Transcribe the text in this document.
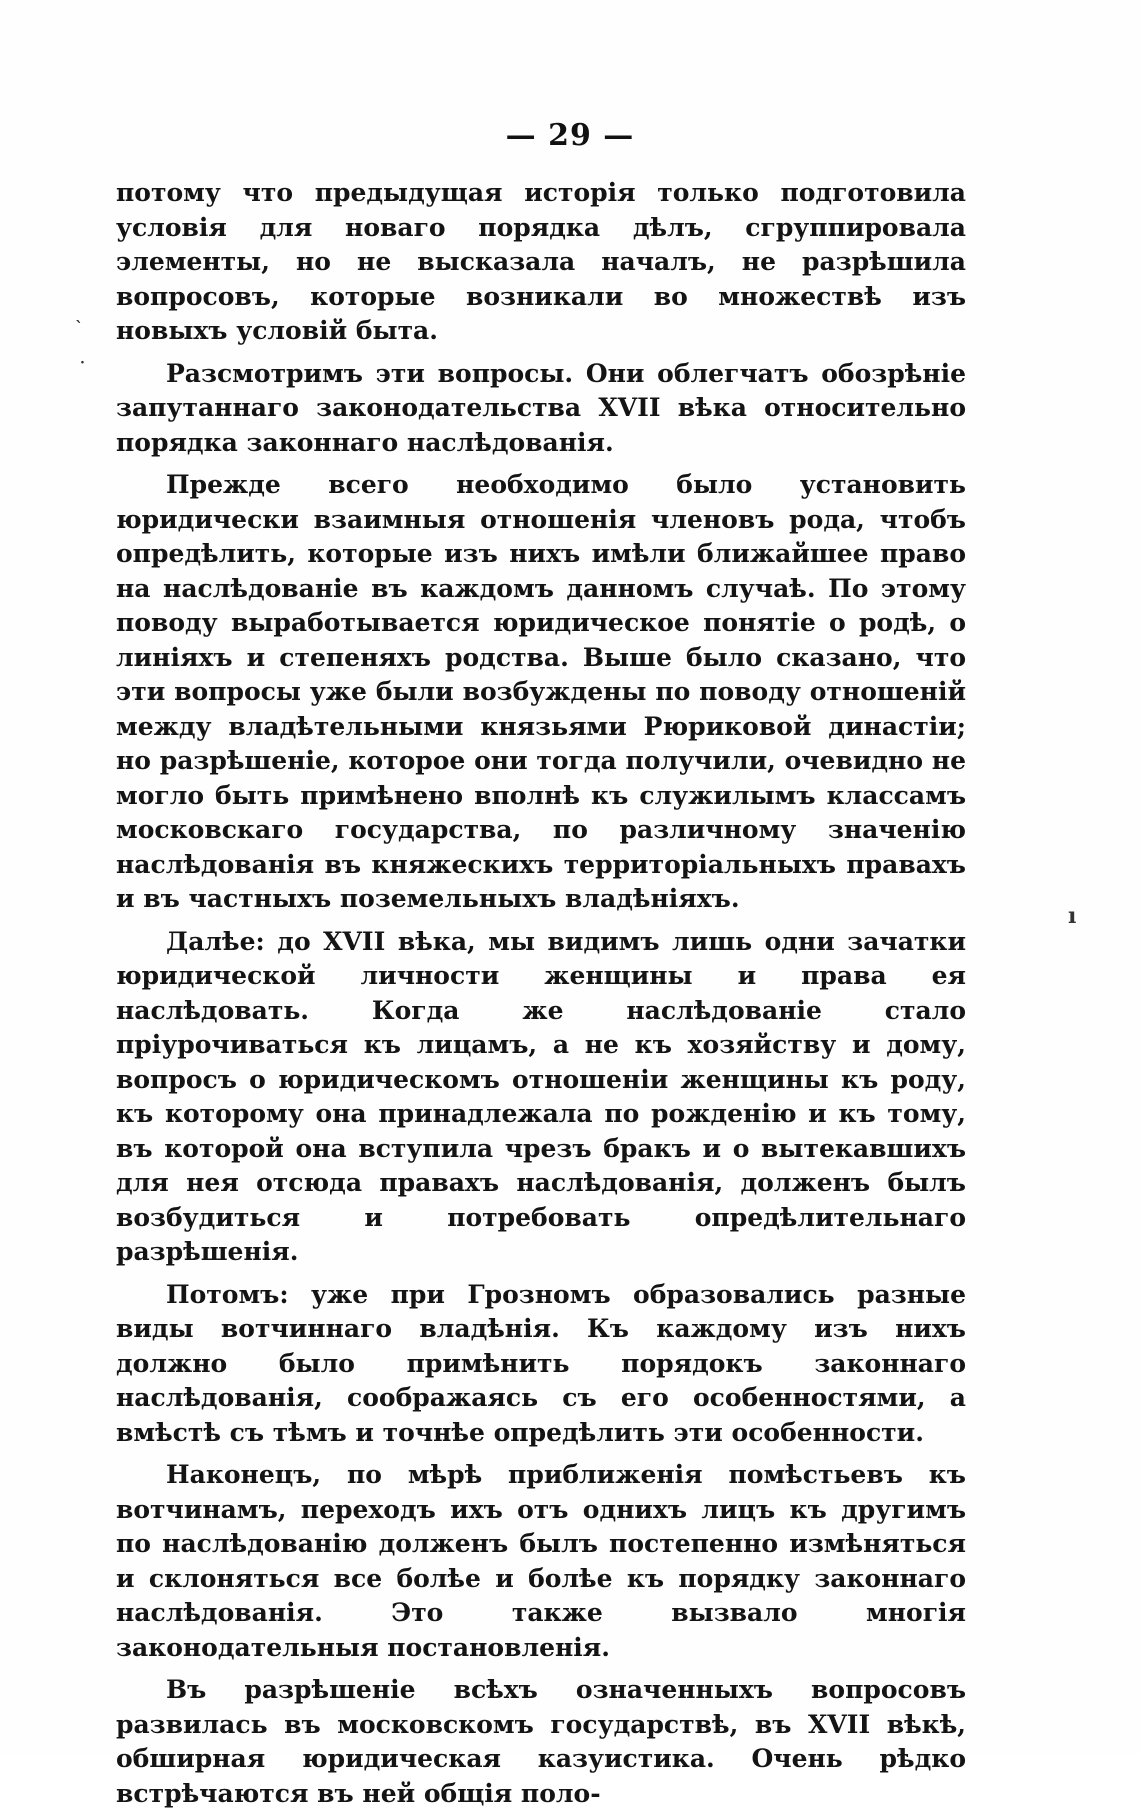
— 29 —
ˋ
·
ı

потому что предыдущая исторія только подготовила условія для новаго порядка дѣлъ, сгруппировала элементы, но не высказала началъ, не разрѣшила вопросовъ, которые возникали во множествѣ изъ новыхъ условій быта.

Разсмотримъ эти вопросы. Они облегчатъ обозрѣніе запутаннаго законодательства XVII вѣка относительно порядка законнаго наслѣдованія.

Прежде всего необходимо было установить юридически взаимныя отношенія членовъ рода, чтобъ опредѣлить, которые изъ нихъ имѣли ближайшее право на наслѣдованіе въ каждомъ данномъ случаѣ. По этому поводу выработывается юридическое понятіе о родѣ, о линіяхъ и степеняхъ родства. Выше было сказано, что эти вопросы уже были возбуждены по поводу отношеній между владѣтельными князьями Рюриковой династіи; но разрѣшеніе, которое они тогда получили, очевидно не могло быть примѣнено вполнѣ къ служилымъ классамъ московскаго государства, по различному значенію наслѣдованія въ княжескихъ территоріальныхъ правахъ и въ частныхъ поземельныхъ владѣніяхъ.

Далѣе: до XVII вѣка, мы видимъ лишь одни зачатки юридической личности женщины и права ея наслѣдовать. Когда же наслѣдованіе стало пріурочиваться къ лицамъ, а не къ хозяйству и дому, вопросъ о юридическомъ отношеніи женщины къ роду, къ которому она принадлежала по рожденію и къ тому, въ которой она вступила чрезъ бракъ и о вытекавшихъ для нея отсюда правахъ наслѣдованія, долженъ былъ возбудиться и потребовать опредѣлительнаго разрѣшенія.

Потомъ: уже при Грозномъ образовались разные виды вотчиннаго владѣнія. Къ каждому изъ нихъ должно было примѣнить порядокъ законнаго наслѣдованія, соображаясь съ его особенностями, а вмѣстѣ съ тѣмъ и точнѣе опредѣлить эти особенности.

Наконецъ, по мѣрѣ приближенія помѣстьевъ къ вотчинамъ, переходъ ихъ отъ однихъ лицъ къ другимъ по наслѣдованію долженъ былъ постепенно измѣняться и склоняться все болѣе и болѣе къ порядку законнаго наслѣдованія. Это также вызвало многія законодательныя постановленія.

Въ разрѣшеніе всѣхъ означенныхъ вопросовъ развилась въ московскомъ государствѣ, въ XVII вѣкѣ, обширная юридическая казуистика. Очень рѣдко встрѣчаются въ ней общія поло-
